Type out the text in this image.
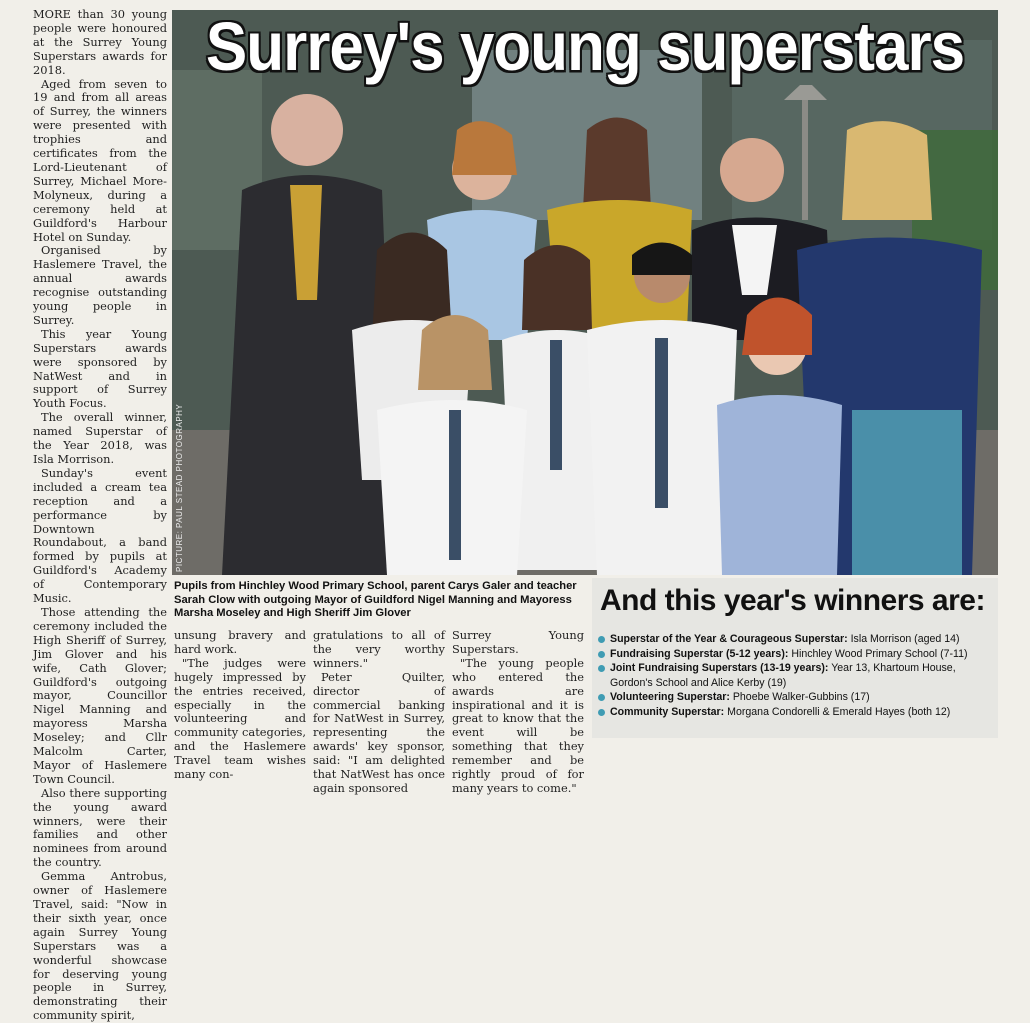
MORE than 30 young people were honoured at the Surrey Young Superstars awards for 2018.

Aged from seven to 19 and from all areas of Surrey, the winners were presented with trophies and certificates from the Lord-Lieutenant of Surrey, Michael More-Molyneux, during a ceremony held at Guildford's Harbour Hotel on Sunday.

Organised by Haslemere Travel, the annual awards recognise outstanding young people in Surrey.

This year Young Superstars awards were sponsored by NatWest and in support of Surrey Youth Focus.

The overall winner, named Superstar of the Year 2018, was Isla Morrison.

Sunday's event included a cream tea reception and a performance by Downtown Roundabout, a band formed by pupils at Guildford's Academy of Contemporary Music.

Those attending the ceremony included the High Sheriff of Surrey, Jim Glover and his wife, Cath Glover; Guildford's outgoing mayor, Councillor Nigel Manning and mayoress Marsha Moseley; and Cllr Malcolm Carter, Mayor of Haslemere Town Council.

Also there supporting the young award winners, were their families and other nominees from around the country.

Gemma Antrobus, owner of Haslemere Travel, said: "Now in their sixth year, once again Surrey Young Superstars was a wonderful showcase for deserving young people in Surrey, demonstrating their community spirit,

Surrey's young superstars
PICTURE: PAUL STEAD PHOTOGRAPHY
Pupils from Hinchley Wood Primary School, parent Carys Galer and teacher Sarah Clow with outgoing Mayor of Guildford Nigel Manning and Mayoress Marsha Moseley and High Sheriff Jim Glover

unsung bravery and hard work.

"The judges were hugely impressed by the entries received, especially in the volunteering and community categories, and the Haslemere Travel team wishes many con-

gratulations to all of the very worthy winners."

Peter Quilter, director of commercial banking for NatWest in Surrey, representing the awards' key sponsor, said: "I am delighted that NatWest has once again sponsored

Surrey Young Superstars.

"The young people who entered the awards are inspirational and it is great to know that the event will be something that they remember and be rightly proud of for many years to come."

And this year's winners are:
Superstar of the Year & Courageous Superstar: Isla Morrison (aged 14)
Fundraising Superstar (5-12 years): Hinchley Wood Primary School (7-11)
Joint Fundraising Superstars (13-19 years): Year 13, Khartoum House, Gordon's School and Alice Kerby (19)
Volunteering Superstar: Phoebe Walker-Gubbins (17)
Community Superstar: Morgana Condorelli & Emerald Hayes (both 12)
